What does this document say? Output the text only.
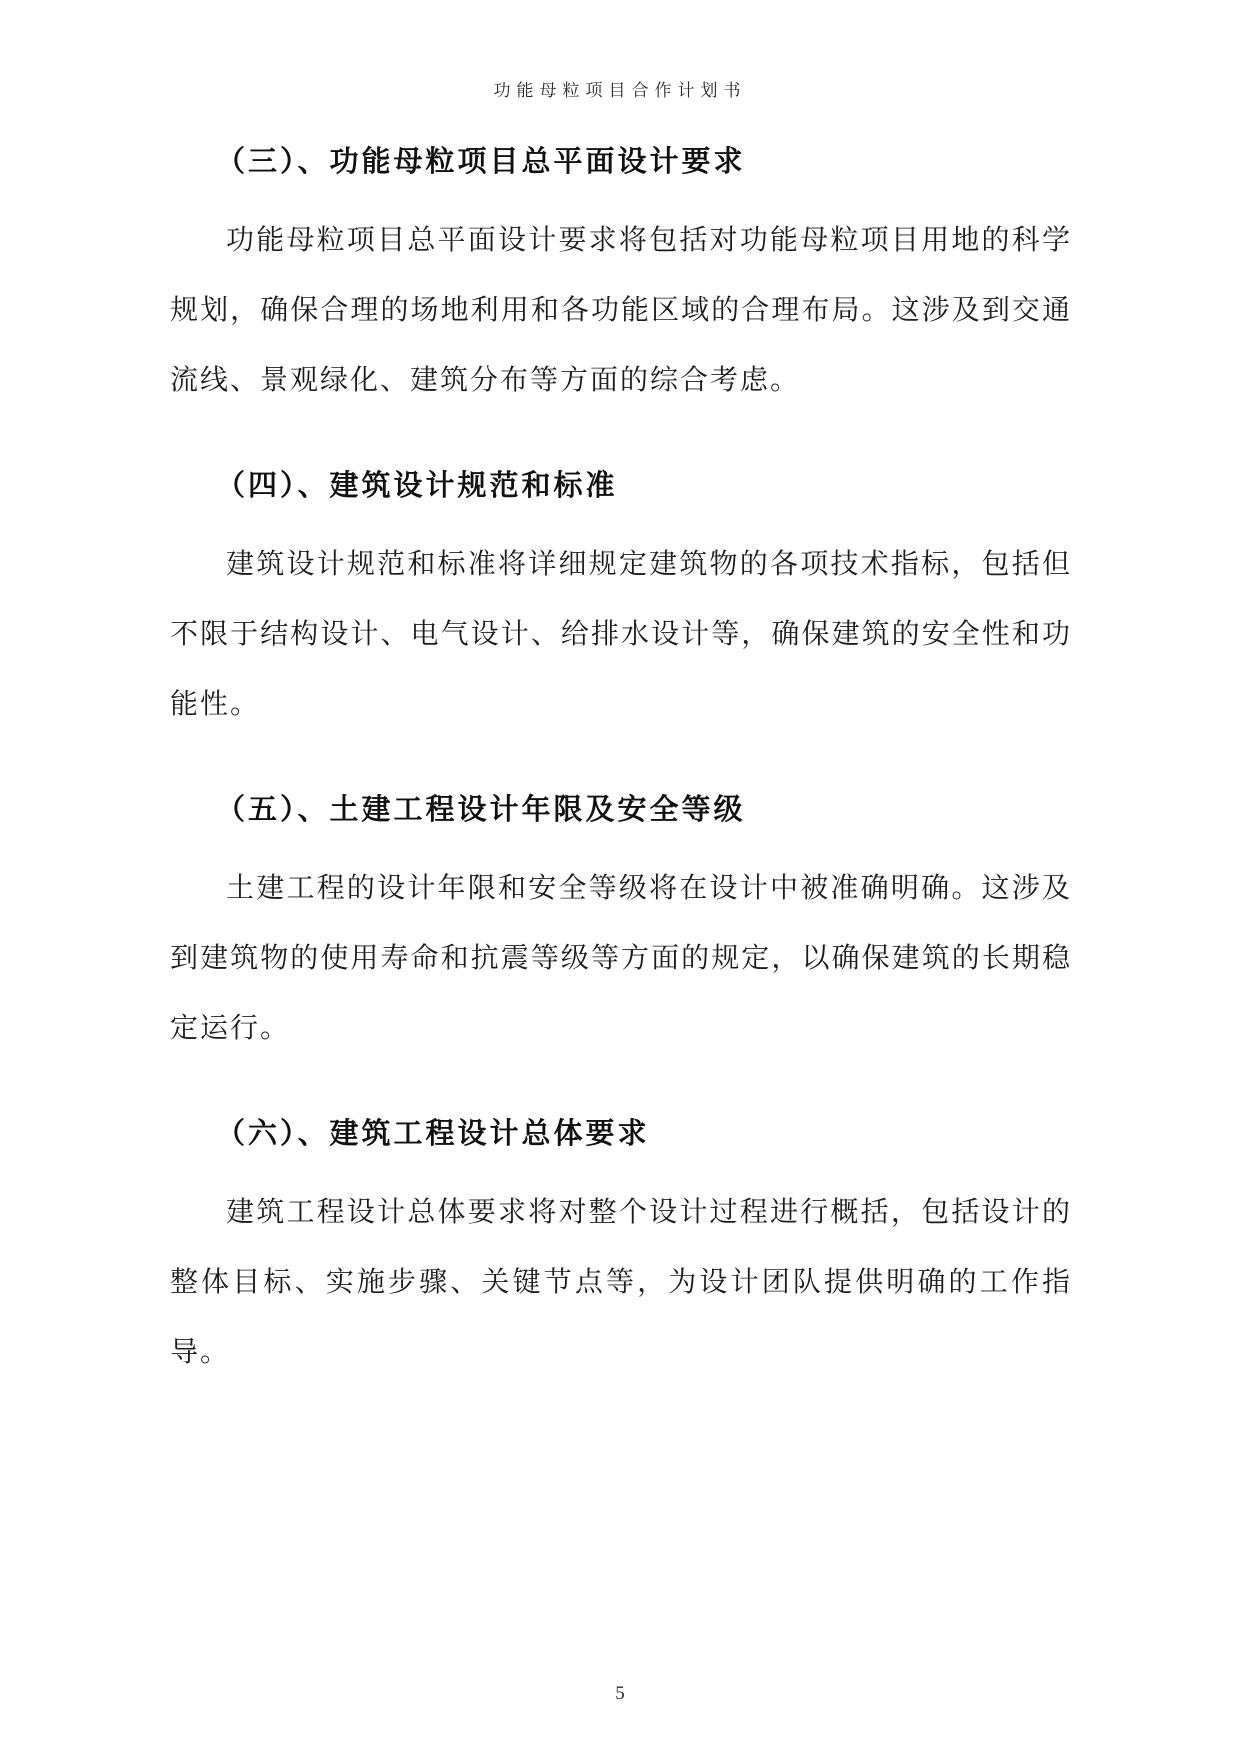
功能母粒项目合作计划书
（三）、功能母粒项目总平面设计要求

功能母粒项目总平面设计要求将包括对功能母粒项目用地的科学规划，确保合理的场地利用和各功能区域的合理布局。这涉及到交通流线、景观绿化、建筑分布等方面的综合考虑。

（四）、建筑设计规范和标准

建筑设计规范和标准将详细规定建筑物的各项技术指标，包括但不限于结构设计、电气设计、给排水设计等，确保建筑的安全性和功能性。

（五）、土建工程设计年限及安全等级

土建工程的设计年限和安全等级将在设计中被准确明确。这涉及到建筑物的使用寿命和抗震等级等方面的规定，以确保建筑的长期稳定运行。

（六）、建筑工程设计总体要求

建筑工程设计总体要求将对整个设计过程进行概括，包括设计的整体目标、实施步骤、关键节点等，为设计团队提供明确的工作指导。

5
